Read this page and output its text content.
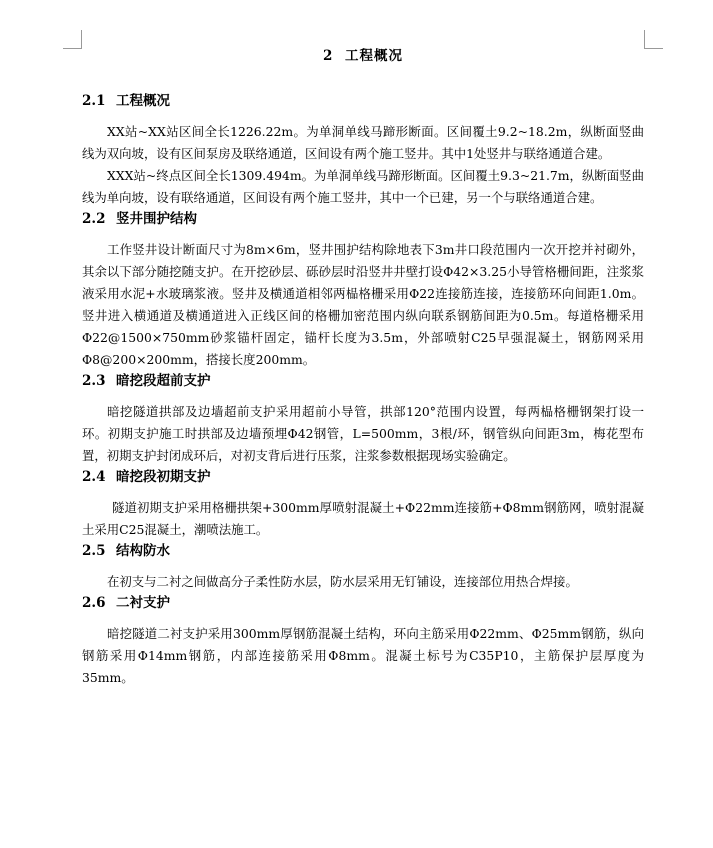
2 工程概况
2.1 工程概况

XX站~XX站区间全长1226.22m。为单洞单线马蹄形断面。区间覆土9.2~18.2m，纵断面竖曲线为双向坡，设有区间泵房及联络通道，区间设有两个施工竖井。其中1处竖井与联络通道合建。

XXX站~终点区间全长1309.494m。为单洞单线马蹄形断面。区间覆土9.3~21.7m，纵断面竖曲线为单向坡，设有联络通道，区间设有两个施工竖井，其中一个已建，另一个与联络通道合建。

2.2 竖井围护结构

工作竖井设计断面尺寸为8m×6m，竖井围护结构除地表下3m井口段范围内一次开挖并衬砌外，其余以下部分随挖随支护。在开挖砂层、砾砂层时沿竖井井壁打设Φ42×3.25小导管格栅间距，注浆浆液采用水泥+水玻璃浆液。竖井及横通道相邻两榀格栅采用Φ22连接筋连接，连接筋环向间距1.0m。竖井进入横通道及横通道进入正线区间的格栅加密范围内纵向联系钢筋间距为0.5m。每道格栅采用Φ22@1500×750mm砂浆锚杆固定，锚杆长度为3.5m，外部喷射C25早强混凝土，钢筋网采用Φ8@200×200mm，搭接长度200mm。

2.3 暗挖段超前支护

暗挖隧道拱部及边墙超前支护采用超前小导管，拱部120°范围内设置，每两榀格栅钢架打设一环。初期支护施工时拱部及边墙预埋Φ42钢管，L=500mm，3根/环，钢管纵向间距3m，梅花型布置，初期支护封闭成环后，对初支背后进行压浆，注浆参数根据现场实验确定。

2.4 暗挖段初期支护

隧道初期支护采用格栅拱架+300mm厚喷射混凝土+Φ22mm连接筋+Φ8mm钢筋网，喷射混凝土采用C25混凝土，潮喷法施工。

2.5 结构防水

在初支与二衬之间做高分子柔性防水层，防水层采用无钉铺设，连接部位用热合焊接。

2.6 二衬支护

暗挖隧道二衬支护采用300mm厚钢筋混凝土结构，环向主筋采用Φ22mm、Φ25mm钢筋，纵向钢筋采用Φ14mm钢筋，内部连接筋采用Φ8mm。混凝土标号为C35P10，主筋保护层厚度为35mm。
